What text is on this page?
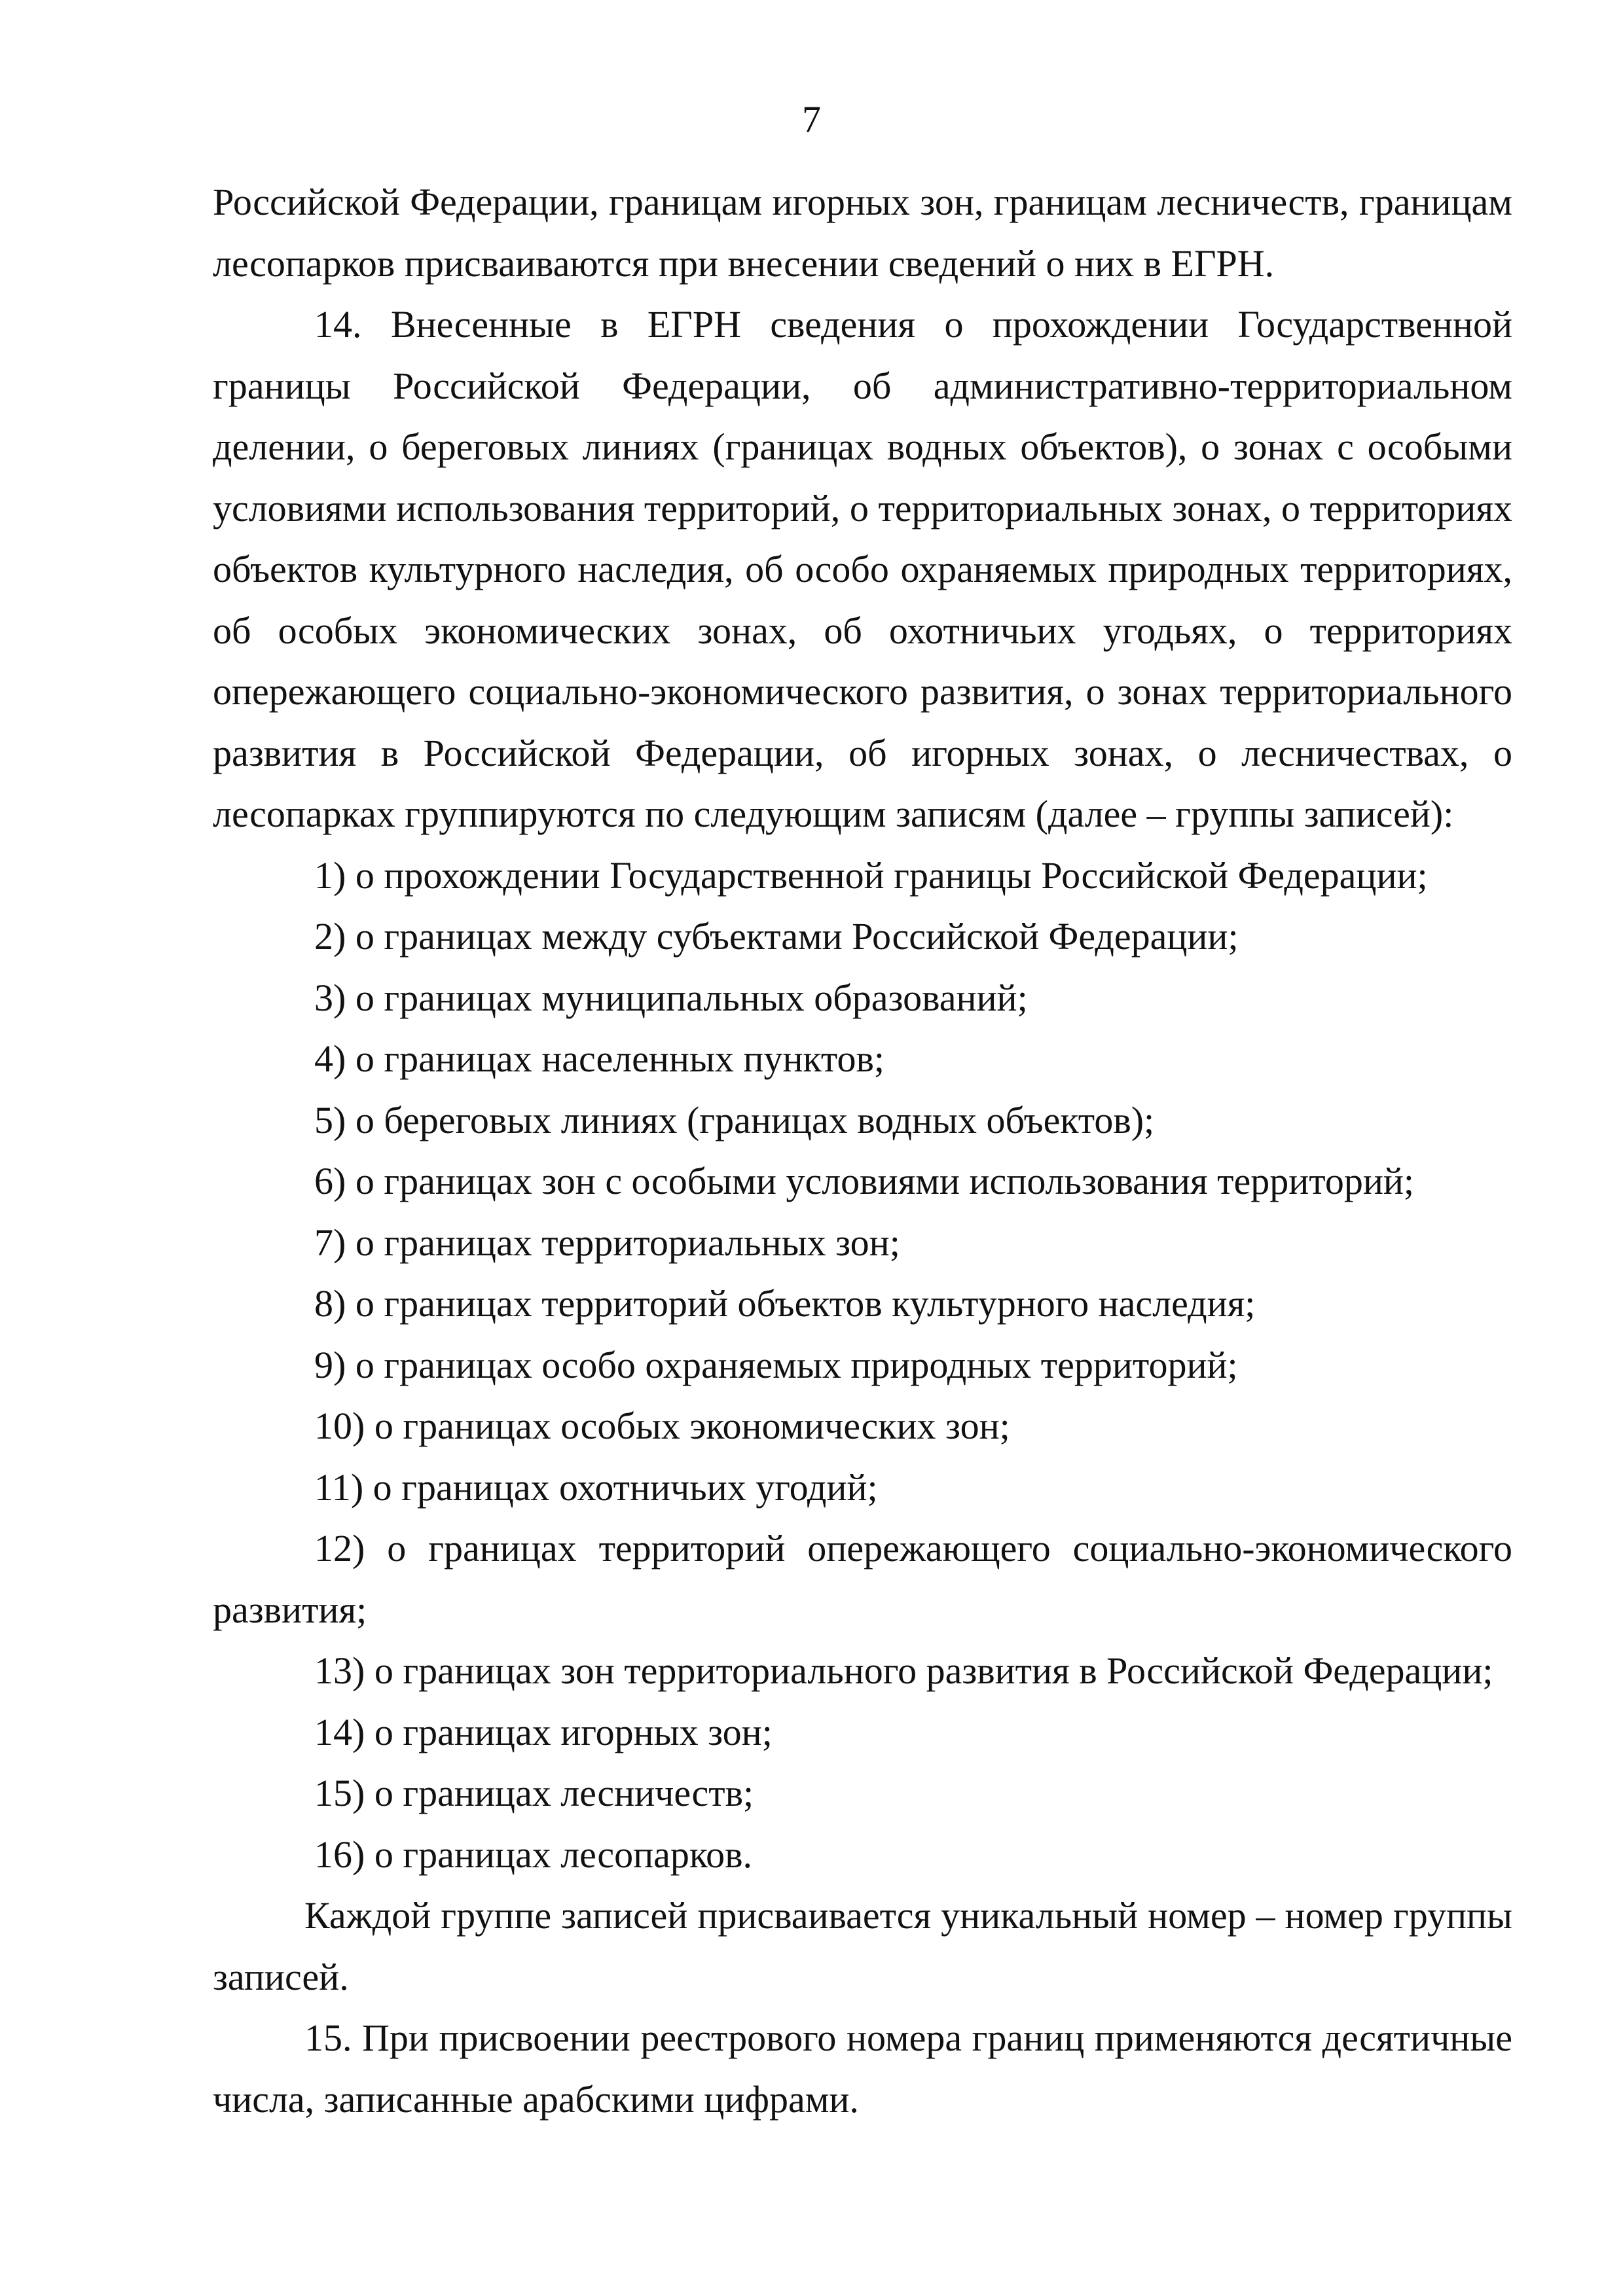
7

Российской Федерации, границам игорных зон, границам лесничеств, границам лесопарков присваиваются при внесении сведений о них в ЕГРН.

14. Внесенные в ЕГРН сведения о прохождении Государственной границы Российской Федерации, об административно-территориальном делении, о береговых линиях (границах водных объектов), о зонах с особыми условиями использования территорий, о территориальных зонах, о территориях объектов культурного наследия, об особо охраняемых природных территориях, об особых экономических зонах, об охотничьих угодьях, о территориях опережающего социально-экономического развития, о зонах территориального развития в Российской Федерации, об игорных зонах, о лесничествах, о лесопарках группируются по следующим записям (далее – группы записей):

1) о прохождении Государственной границы Российской Федерации;

2) о границах между субъектами Российской Федерации;

3) о границах муниципальных образований;

4) о границах населенных пунктов;

5) о береговых линиях (границах водных объектов);

6) о границах зон с особыми условиями использования территорий;

7) о границах территориальных зон;

8) о границах территорий объектов культурного наследия;

9) о границах особо охраняемых природных территорий;

10) о границах особых экономических зон;

11) о границах охотничьих угодий;

12) о границах территорий опережающего социально-экономического развития;

13) о границах зон территориального развития в Российской Федерации;

14) о границах игорных зон;

15) о границах лесничеств;

16) о границах лесопарков.

Каждой группе записей присваивается уникальный номер – номер группы записей.

15. При присвоении реестрового номера границ применяются десятичные числа, записанные арабскими цифрами.
